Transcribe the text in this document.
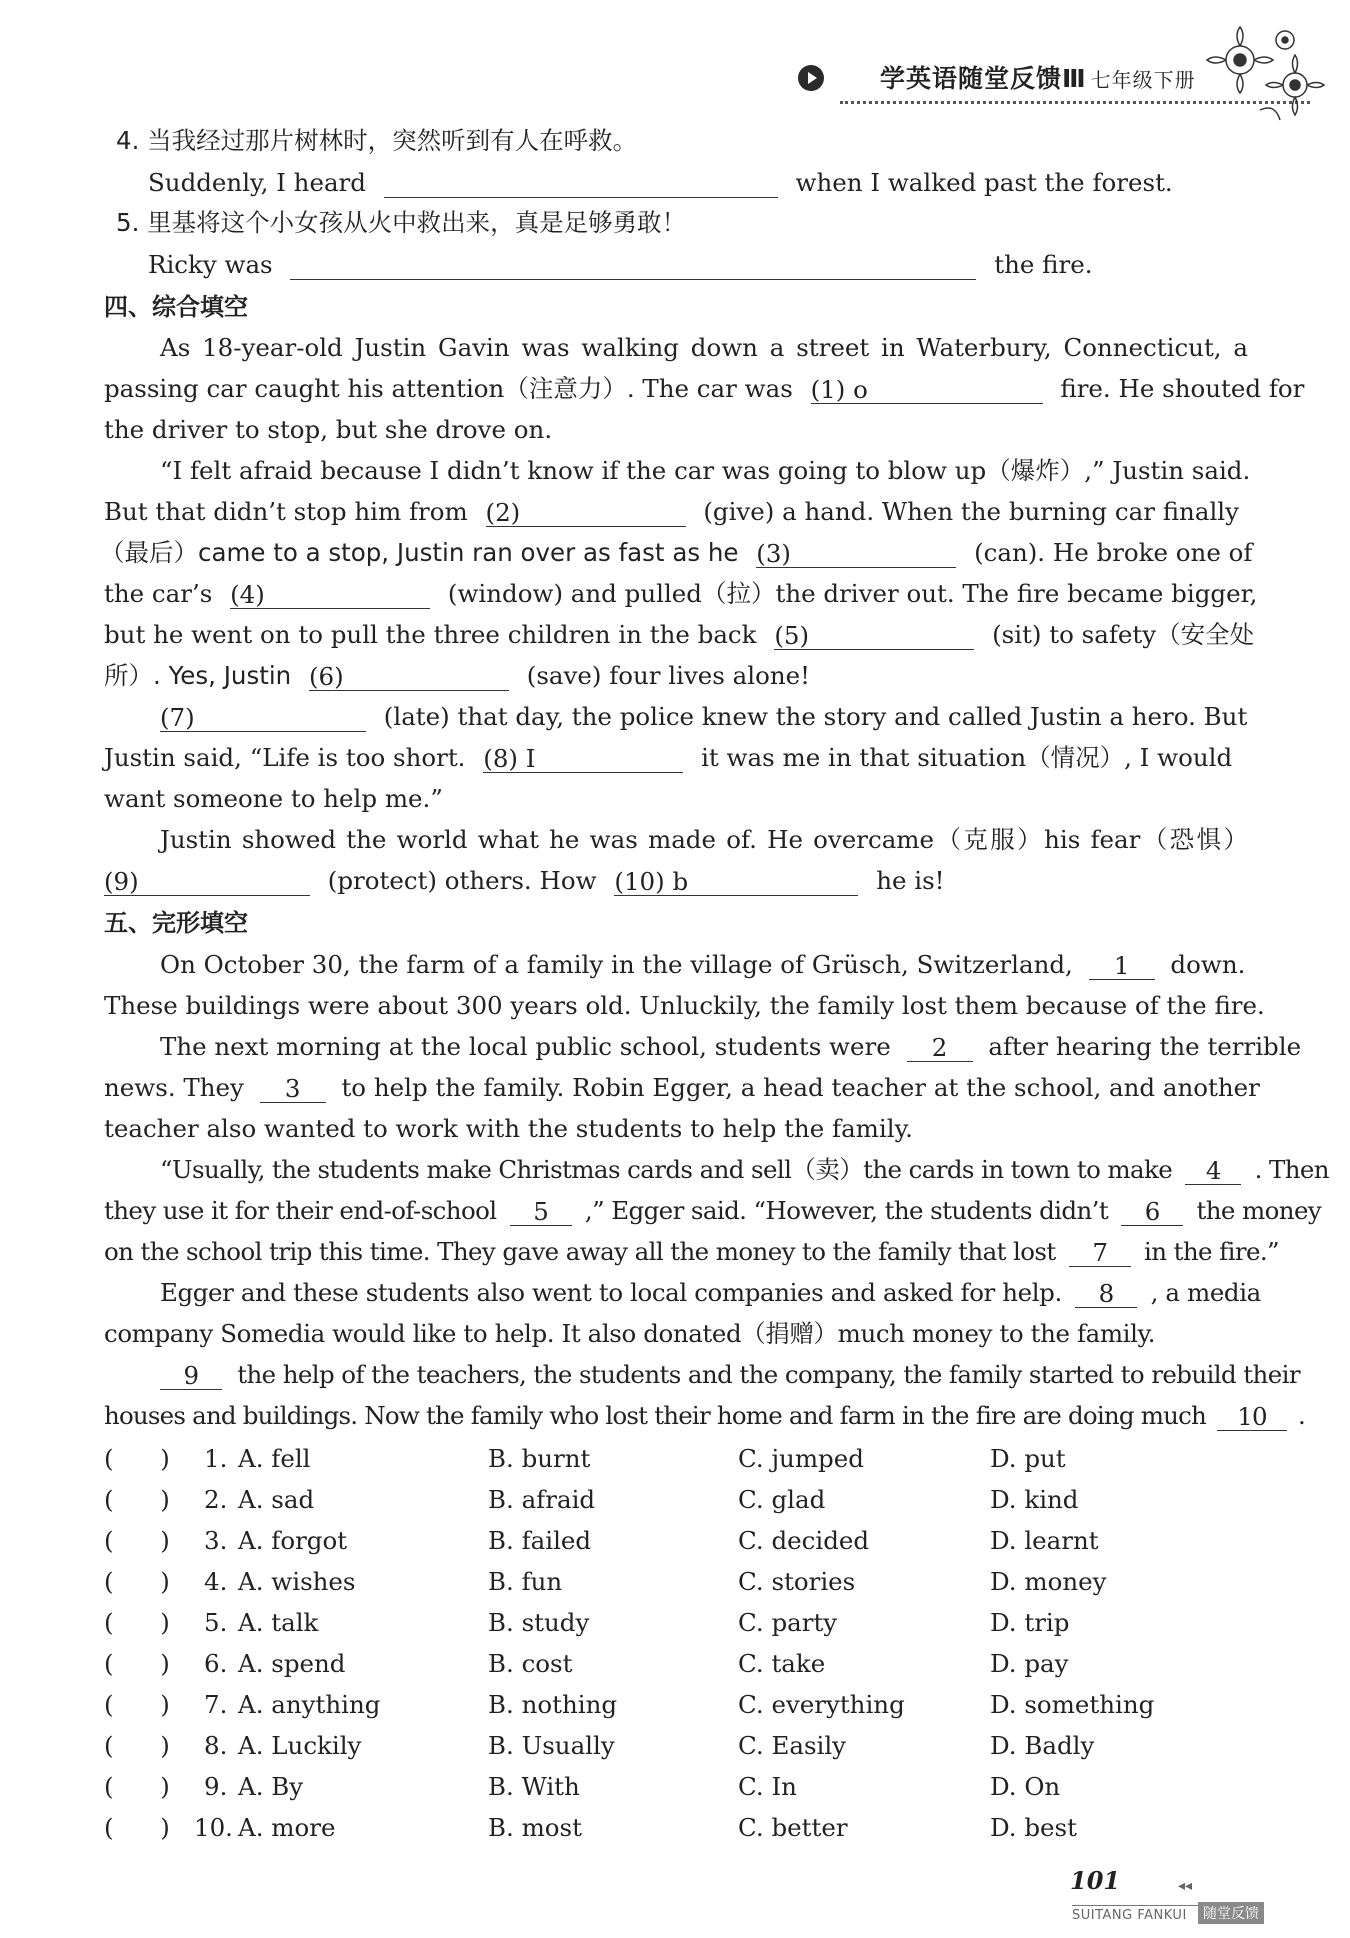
学英语随堂反馈Ⅲ 七年级下册
4. 当我经过那片树林时，突然听到有人在呼救。
Suddenly, I heard	when I walked past the forest.
5. 里基将这个小女孩从火中救出来，真是足够勇敢！
Ricky was	the fire.
四、综合填空
As 18-year-old Justin Gavin was walking down a street in Waterbury, Connecticut, a
passing car caught his attention（注意力）. The car was (1) o	fire. He shouted for
the driver to stop, but she drove on.
“I felt afraid because I didn’t know if the car was going to blow up（爆炸）,” Justin said.
But that didn’t stop him from (2)	(give) a hand. When the burning car finally
（最后）came to a stop, Justin ran over as fast as he (3)	(can). He broke one of
the car’s (4)	(window) and pulled（拉）the driver out. The fire became bigger,
but he went on to pull the three children in the back (5)	(sit) to safety（安全处
所）. Yes, Justin (6)	(save) four lives alone!
(7)	(late) that day, the police knew the story and called Justin a hero. But
Justin said, “Life is too short. (8) I	it was me in that situation（情况）, I would
want someone to help me.”
Justin showed the world what he was made of. He overcame（克服）his fear（恐惧）
(9)	(protect) others. How (10) b	he is!
五、完形填空
On October 30, the farm of a family in the village of Grüsch, Switzerland, 1 down.
These buildings were about 300 years old. Unluckily, the family lost them because of the fire.
The next morning at the local public school, students were 2 after hearing the terrible
news. They 3 to help the family. Robin Egger, a head teacher at the school, and another
teacher also wanted to work with the students to help the family.
“Usually, the students make Christmas cards and sell（卖）the cards in town to make 4 . Then
they use it for their end-of-school 5 ,” Egger said. “However, the students didn’t 6 the money
on the school trip this time. They gave away all the money to the family that lost 7 in the fire.”
Egger and these students also went to local companies and asked for help. 8 , a media
company Somedia would like to help. It also donated（捐赠）much money to the family.
9 the help of the teachers, the students and the company, the family started to rebuild their
houses and buildings. Now the family who lost their home and farm in the fire are doing much 10 .
(      ) 1. A. fell	B. burnt	C. jumped	D. put
(      ) 2. A. sad	B. afraid	C. glad	D. kind
(      ) 3. A. forgot	B. failed	C. decided	D. learnt
(      ) 4. A. wishes	B. fun	C. stories	D. money
(      ) 5. A. talk	B. study	C. party	D. trip
(      ) 6. A. spend	B. cost	C. take	D. pay
(      ) 7. A. anything	B. nothing	C. everything	D. something
(      ) 8. A. Luckily	B. Usually	C. Easily	D. Badly
(      ) 9. A. By	B. With	C. In	D. On
(      ) 10. A. more	B. most	C. better	D. best
101	◂◂
SUITANG FANKUI	随堂反馈
